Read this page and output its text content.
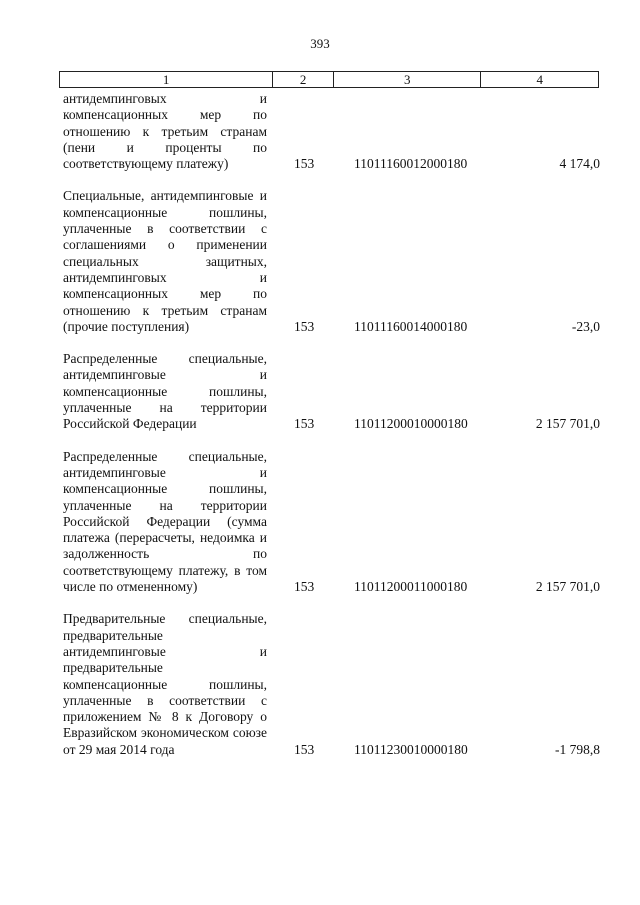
393
1	2	3	4
антидемпинговых и компенсационных мер по отношению к третьим странам (пени и проценты по соответствующему платежу)	153	11011160012000180	4 174,0
Специальные, антидемпинговые и компенсационные пошлины, уплаченные в соответствии с соглашениями о применении специальных защитных, антидемпинговых и компенсационных мер по отношению к третьим странам (прочие поступления)	153	11011160014000180	-23,0
Распределенные специальные, антидемпинговые и компенсационные пошлины, уплаченные на территории Российской Федерации	153	11011200010000180	2 157 701,0
Распределенные специальные, антидемпинговые и компенсационные пошлины, уплаченные на территории Российской Федерации (сумма платежа (перерасчеты, недоимка и задолженность по соответствующему платежу, в том числе по отмененному)	153	11011200011000180	2 157 701,0
Предварительные специальные, предварительные антидемпинговые и предварительные компенсационные пошлины, уплаченные в соответствии с приложением № 8 к Договору о Евразийском экономическом союзе от 29 мая 2014 года	153	11011230010000180	-1 798,8
